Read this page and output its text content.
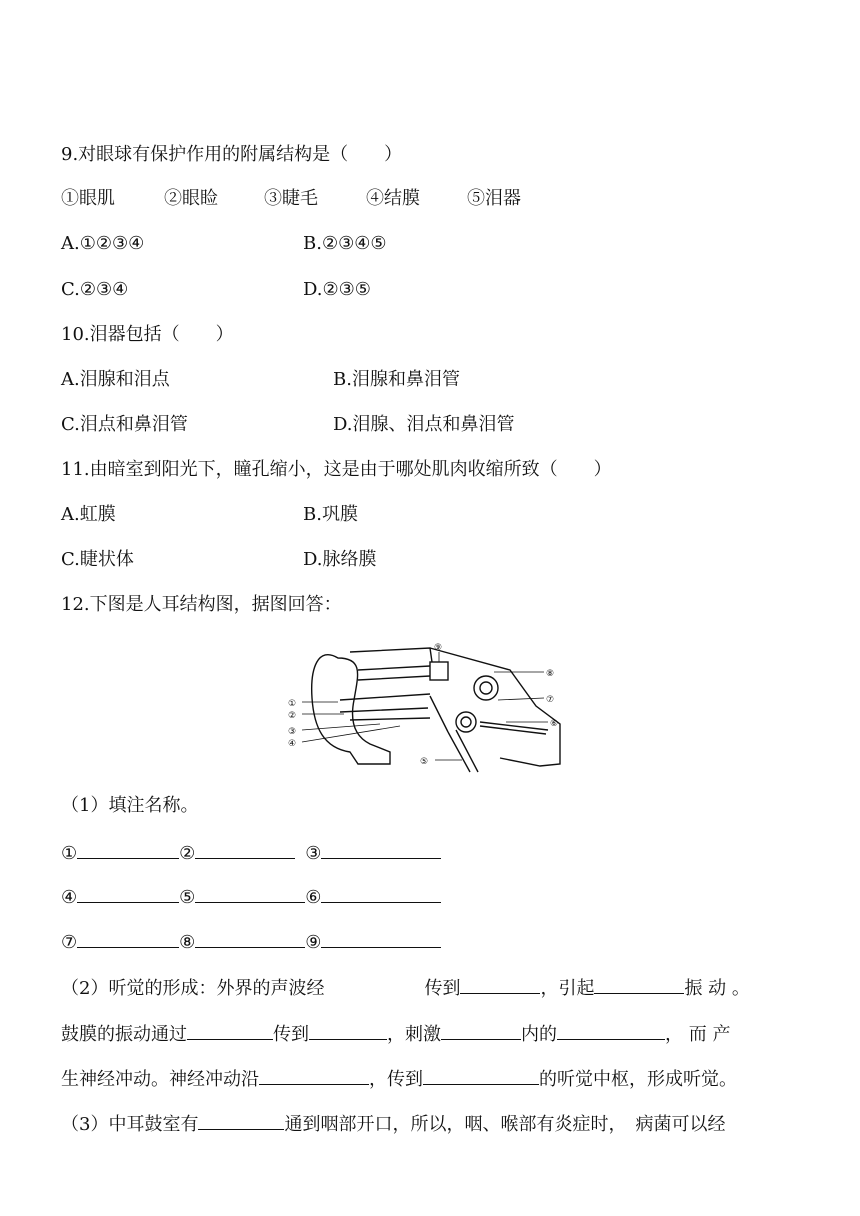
9.对眼球有保护作用的附属结构是（　　）
①眼肌	②眼睑	③睫毛	④结膜	⑤泪器
A.①②③④	B.②③④⑤
C.②③④	D.②③⑤
10.泪器包括（　　）
A.泪腺和泪点	B.泪腺和鼻泪管
C.泪点和鼻泪管	D.泪腺、泪点和鼻泪管
11.由暗室到阳光下，瞳孔缩小，这是由于哪处肌肉收缩所致（　　）
A.虹膜	B.巩膜
C.睫状体	D.脉络膜
12.下图是人耳结构图，据图回答：
①
②
③
④
⑤
⑥
⑦
⑧
⑨
（1）填注名称。
①	②	③
④	⑤	⑥
⑦	⑧	⑨
（2）听觉的形成：外界的声波经	传到	，引起	振 动 。
鼓膜的振动通过	传到	，刺激	内的	， 而 产
生神经冲动。神经冲动沿	，传到	的听觉中枢，形成听觉。
（3）中耳鼓室有	通到咽部开口，所以，咽、喉部有炎症时，　病菌可以经
